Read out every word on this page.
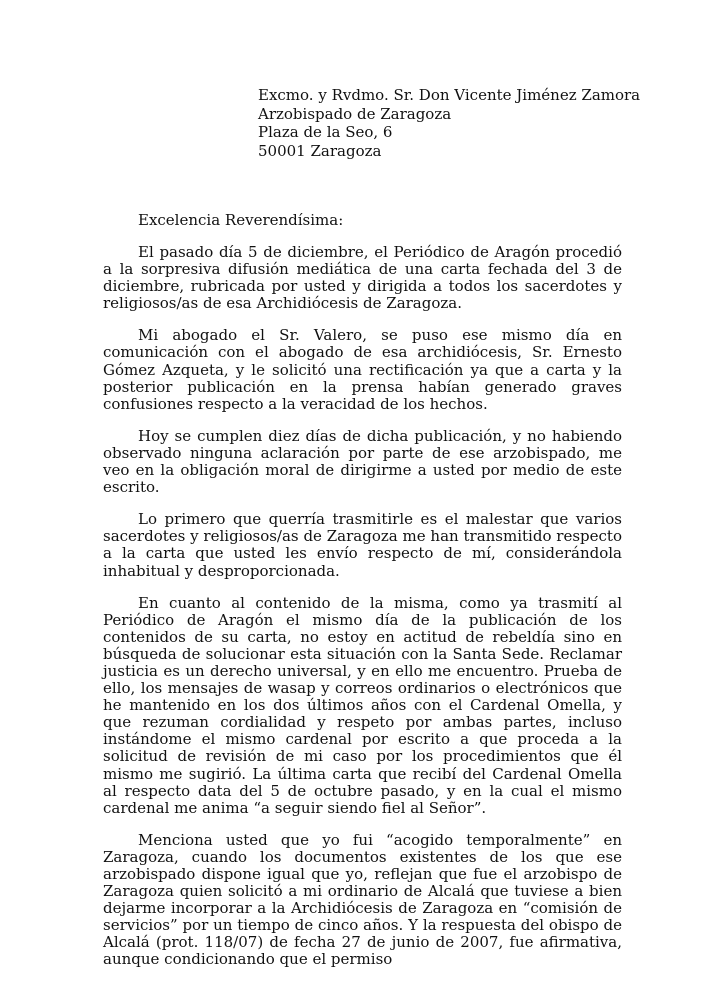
Excmo. y Rvdmo. Sr. Don Vicente Jiménez Zamora
Arzobispado de Zaragoza
Plaza de la Seo, 6
50001 Zaragoza
Excelencia Reverendísima:

El pasado día 5 de diciembre, el Periódico de Aragón procedió a la sorpresiva difusión mediática de una carta fechada del 3 de diciembre, rubricada por usted y dirigida a todos los sacerdotes y religiosos/as de esa Archidiócesis de Zaragoza.

Mi abogado el Sr. Valero, se puso ese mismo día en comunicación con el abogado de esa archidiócesis, Sr. Ernesto Gómez Azqueta, y le solicitó una rectificación ya que a carta y la posterior publicación en la prensa habían generado graves confusiones respecto a la veracidad de los hechos.

Hoy se cumplen diez días de dicha publicación, y no habiendo observado ninguna aclaración por parte de ese arzobispado, me veo en la obligación moral de dirigirme a usted por medio de este escrito.

Lo primero que querría trasmitirle es el malestar que varios sacerdotes y religiosos/as de Zaragoza me han transmitido respecto a la carta que usted les envío respecto de mí, considerándola inhabitual y desproporcionada.

En cuanto al contenido de la misma, como ya trasmití al Periódico de Aragón el mismo día de la publicación de los contenidos de su carta, no estoy en actitud de rebeldía sino en búsqueda de solucionar esta situación con la Santa Sede. Reclamar justicia es un derecho universal, y en ello me encuentro. Prueba de ello, los mensajes de wasap y correos ordinarios o electrónicos que he mantenido en los dos últimos años con el Cardenal Omella, y que rezuman cordialidad y respeto por ambas partes, incluso instándome el mismo cardenal por escrito a que proceda a la solicitud de revisión de mi caso por los procedimientos que él mismo me sugirió. La última carta que recibí del Cardenal Omella al respecto data del 5 de octubre pasado, y en la cual el mismo cardenal me anima “a seguir siendo fiel al Señor”.

Menciona usted que yo fui “acogido temporalmente” en Zaragoza, cuando los documentos existentes de los que ese arzobispado dispone igual que yo, reflejan que fue el arzobispo de Zaragoza quien solicitó a mi ordinario de Alcalá que tuviese a bien dejarme incorporar a la Archidiócesis de Zaragoza en “comisión de servicios” por un tiempo de cinco años. Y la respuesta del obispo de Alcalá (prot. 118/07) de fecha 27 de junio de 2007, fue afirmativa, aunque condicionando que el permiso
